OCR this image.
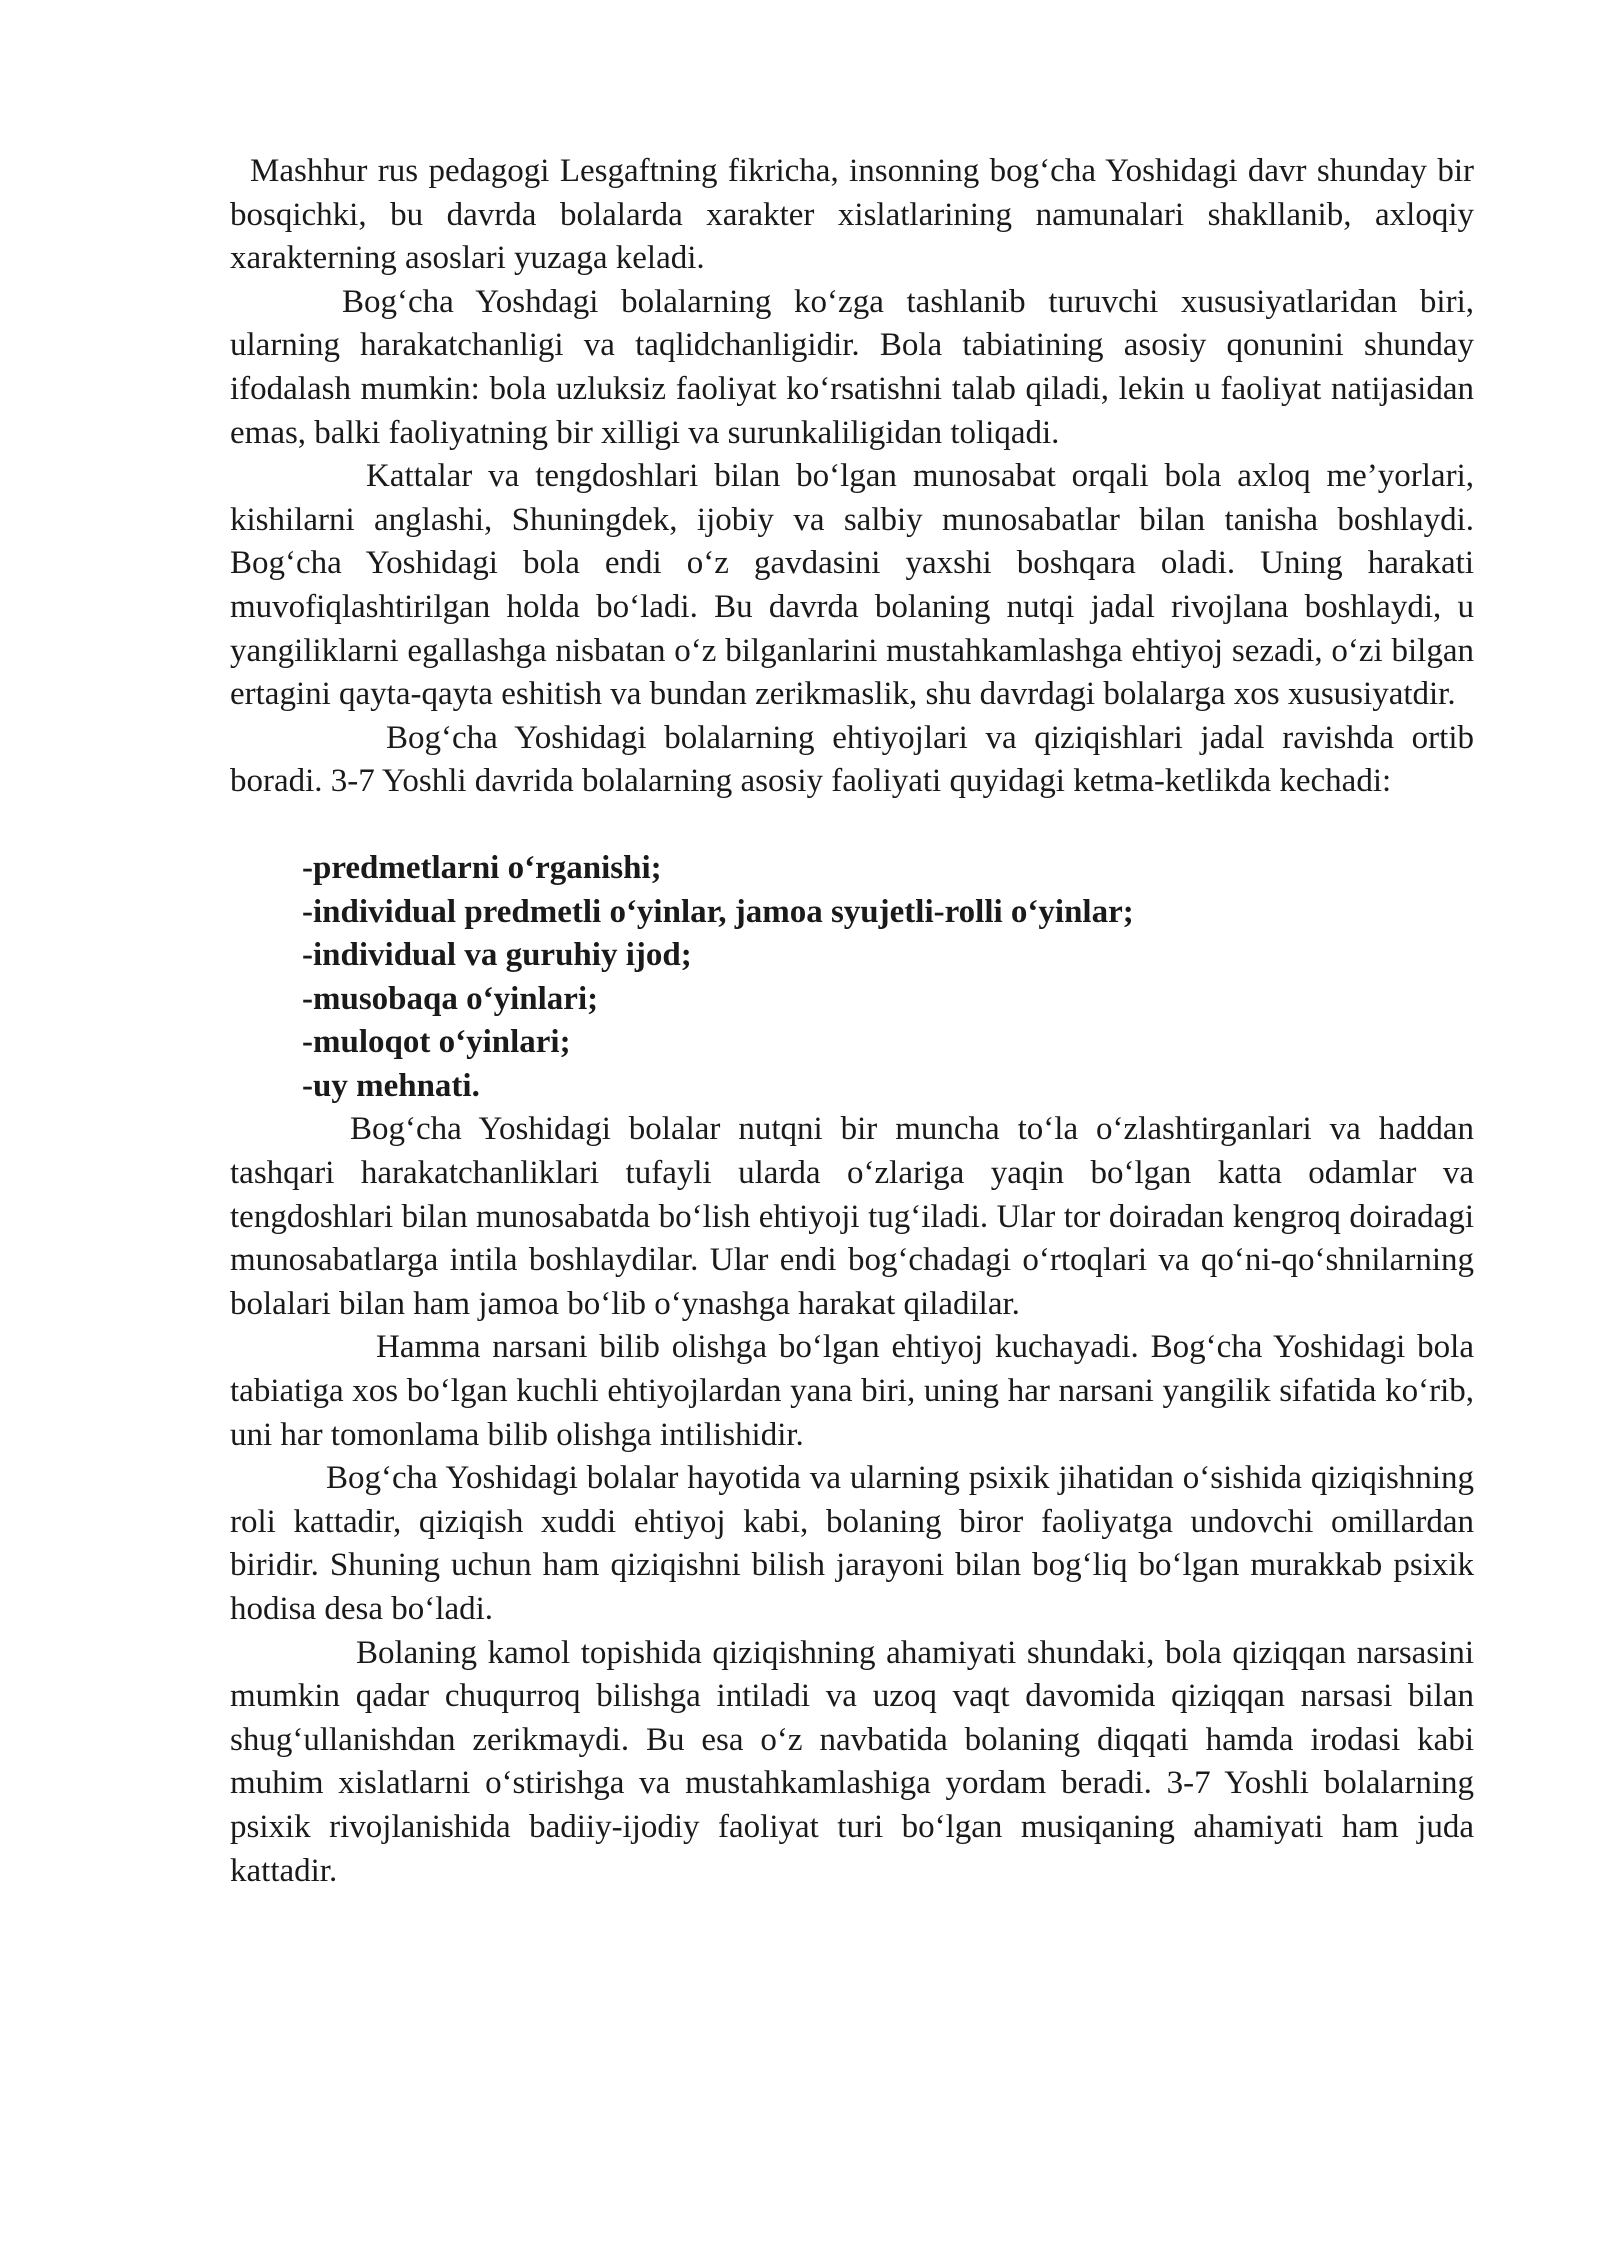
Mashhur rus pedagogi Lesgaftning fikricha, insonning bog‘cha Yoshidagi davr shunday bir bosqichki, bu davrda bolalarda xarakter xislatlarining namunalari shakllanib, axloqiy xarakterning asoslari yuzaga keladi.

Bog‘cha Yoshdagi bolalarning ko‘zga tashlanib turuvchi xususiyatlaridan biri, ularning harakatchanligi va taqlidchanligidir. Bola tabiatining asosiy qonunini shunday ifodalash mumkin: bola uzluksiz faoliyat ko‘rsatishni talab qiladi, lekin u faoliyat natijasidan emas, balki faoliyatning bir xilligi va surunkaliligidan toliqadi.

Kattalar va tengdoshlari bilan bo‘lgan munosabat orqali bola axloq me’yorlari, kishilarni anglashi, Shuningdek, ijobiy va salbiy munosabatlar bilan tanisha boshlaydi. Bog‘cha Yoshidagi bola endi o‘z gavdasini yaxshi boshqara oladi. Uning harakati muvofiqlashtirilgan holda bo‘ladi. Bu davrda bolaning nutqi jadal rivojlana boshlaydi, u yangiliklarni egallashga nisbatan o‘z bilganlarini mustahkamlashga ehtiyoj sezadi, o‘zi bilgan ertagini qayta-qayta eshitish va bundan zerikmaslik, shu davrdagi bolalarga xos xususiyatdir.

Bog‘cha Yoshidagi bolalarning ehtiyojlari va qiziqishlari jadal ravishda ortib boradi. 3-7 Yoshli davrida bolalarning asosiy faoliyati quyidagi ketma-ketlikda kechadi:

-predmetlarni o‘rganishi;
-individual predmetli o‘yinlar, jamoa syujetli-rolli o‘yinlar;
-individual va guruhiy ijod;
-musobaqa o‘yinlari;
-muloqot o‘yinlari;
-uy mehnati.

Bog‘cha Yoshidagi bolalar nutqni bir muncha to‘la o‘zlashtirganlari va haddan tashqari harakatchanliklari tufayli ularda o‘zlariga yaqin bo‘lgan katta odamlar va tengdoshlari bilan munosabatda bo‘lish ehtiyoji tug‘iladi. Ular tor doiradan kengroq doiradagi munosabatlarga intila boshlaydilar. Ular endi bog‘chadagi o‘rtoqlari va qo‘ni-qo‘shnilarning bolalari bilan ham jamoa bo‘lib o‘ynashga harakat qiladilar.

Hamma narsani bilib olishga bo‘lgan ehtiyoj kuchayadi. Bog‘cha Yoshidagi bola tabiatiga xos bo‘lgan kuchli ehtiyojlardan yana biri, uning har narsani yangilik sifatida ko‘rib, uni har tomonlama bilib olishga intilishidir.

Bog‘cha Yoshidagi bolalar hayotida va ularning psixik jihatidan o‘sishida qiziqishning roli kattadir, qiziqish xuddi ehtiyoj kabi, bolaning biror faoliyatga undovchi omillardan biridir. Shuning uchun ham qiziqishni bilish jarayoni bilan bog‘liq bo‘lgan murakkab psixik hodisa desa bo‘ladi.

Bolaning kamol topishida qiziqishning ahamiyati shundaki, bola qiziqqan narsasini mumkin qadar chuqurroq bilishga intiladi va uzoq vaqt davomida qiziqqan narsasi bilan shug‘ullanishdan zerikmaydi. Bu esa o‘z navbatida bolaning diqqati hamda irodasi kabi muhim xislatlarni o‘stirishga va mustahkamlashiga yordam beradi. 3-7 Yoshli bolalarning psixik rivojlanishida badiiy-ijodiy faoliyat turi bo‘lgan musiqaning ahamiyati ham juda kattadir.
